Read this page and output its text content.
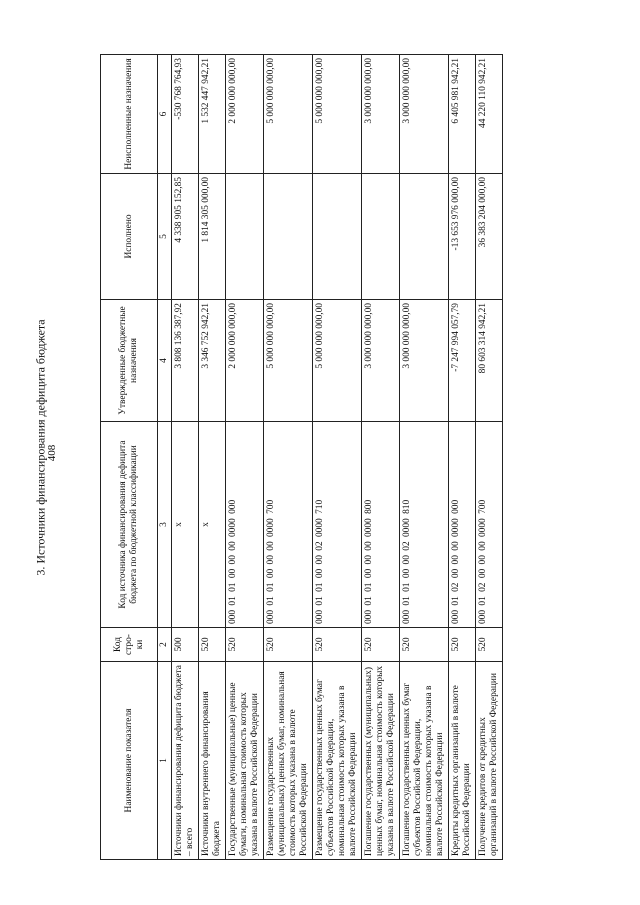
408
3. Источники финансирования дефицита бюджета
Наименование показателя	Код стро-ки	Код источника финансирования дефицита бюджета по бюджетной классификации	Утвержденные бюджетные назначения	Исполнено	Неисполненные назначения
1	2	3	4	5	6
Источники финансирования дефицита бюджета – всего	500	х	3 808 136 387,92	4 338 905 152,85	-530 768 764,93
Источники внутреннего финансирования бюджета	520	х	3 346 752 942,21	1 814 305 000,00	1 532 447 942,21
Государственные (муниципальные) ценные бумаги, номинальная стоимость которых указана в валюте Российской Федерации	520	000 01 01 00 00 00 0000 000	2 000 000 000,00		2 000 000 000,00
Размещение государственных (муниципальных) ценных бумаг, номинальная стоимость которых указана в валюте Российской Федерации	520	000 01 01 00 00 00 0000 700	5 000 000 000,00		5 000 000 000,00
Размещение государственных ценных бумаг субъектов Российской Федерации, номинальная стоимость которых указана в валюте Российской Федерации	520	000 01 01 00 00 02 0000 710	5 000 000 000,00		5 000 000 000,00
Погашение государственных (муниципальных) ценных бумаг, номинальная стоимость которых указана в валюте Российской Федерации	520	000 01 01 00 00 00 0000 800	3 000 000 000,00		3 000 000 000,00
Погашение государственных ценных бумаг субъектов Российской Федерации, номинальная стоимость которых указана в валюте Российской Федерации	520	000 01 01 00 00 02 0000 810	3 000 000 000,00		3 000 000 000,00
Кредиты кредитных организаций в валюте Российской Федерации	520	000 01 02 00 00 00 0000 000	-7 247 994 057,79	-13 653 976 000,00	6 405 981 942,21
Получение кредитов от кредитных организаций в валюте Российской Федерации	520	000 01 02 00 00 00 0000 700	80 603 314 942,21	36 383 204 000,00	44 220 110 942,21
